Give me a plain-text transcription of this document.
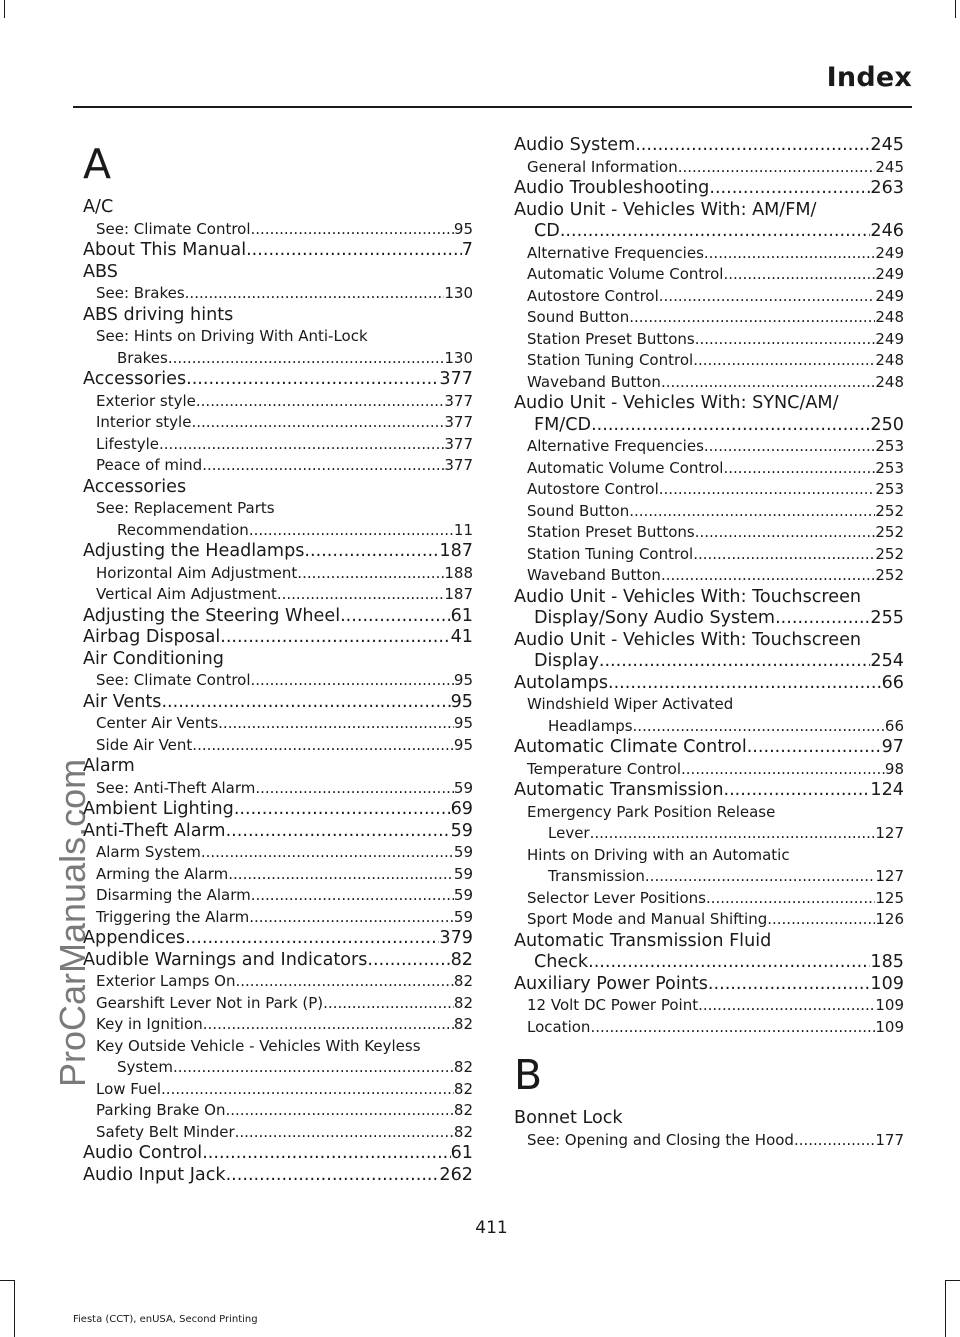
Index
ProCarManuals.com
A
A/C
See: Climate Control .....	95
About This Manual .....	7
ABS
See: Brakes .....	130
ABS driving hints
See: Hints on Driving With Anti-Lock
Brakes .....	130
Accessories .....	377
Exterior style .....	377
Interior style .....	377
Lifestyle .....	377
Peace of mind .....	377
Accessories
See: Replacement Parts
Recommendation .....	11
Adjusting the Headlamps .....	187
Horizontal Aim Adjustment .....	188
Vertical Aim Adjustment .....	187
Adjusting the Steering Wheel .....	61
Airbag Disposal .....	41
Air Conditioning
See: Climate Control .....	95
Air Vents .....	95
Center Air Vents .....	95
Side Air Vent .....	95
Alarm
See: Anti-Theft Alarm .....	59
Ambient Lighting .....	69
Anti-Theft Alarm .....	59
Alarm System .....	59
Arming the Alarm .....	59
Disarming the Alarm .....	59
Triggering the Alarm .....	59
Appendices .....	379
Audible Warnings and Indicators .....	82
Exterior Lamps On .....	82
Gearshift Lever Not in Park (P) .....	82
Key in Ignition .....	82
Key Outside Vehicle - Vehicles With Keyless
System .....	82
Low Fuel .....	82
Parking Brake On .....	82
Safety Belt Minder .....	82
Audio Control .....	61
Audio Input Jack .....	262
Audio System .....	245
General Information .....	245
Audio Troubleshooting .....	263
Audio Unit - Vehicles With: AM/FM/
CD .....	246
Alternative Frequencies .....	249
Automatic Volume Control .....	249
Autostore Control .....	249
Sound Button .....	248
Station Preset Buttons .....	249
Station Tuning Control .....	248
Waveband Button .....	248
Audio Unit - Vehicles With: SYNC/AM/
FM/CD .....	250
Alternative Frequencies .....	253
Automatic Volume Control .....	253
Autostore Control .....	253
Sound Button .....	252
Station Preset Buttons .....	252
Station Tuning Control .....	252
Waveband Button .....	252
Audio Unit - Vehicles With: Touchscreen
Display/Sony Audio System .....	255
Audio Unit - Vehicles With: Touchscreen
Display .....	254
Autolamps .....	66
Windshield Wiper Activated
Headlamps .....	66
Automatic Climate Control .....	97
Temperature Control .....	98
Automatic Transmission .....	124
Emergency Park Position Release
Lever .....	127
Hints on Driving with an Automatic
Transmission .....	127
Selector Lever Positions .....	125
Sport Mode and Manual Shifting .....	126
Automatic Transmission Fluid
Check .....	185
Auxiliary Power Points .....	109
12 Volt DC Power Point .....	109
Location .....	109
B
Bonnet Lock
See: Opening and Closing the Hood .....	177
411
Fiesta (CCT), enUSA, Second Printing
